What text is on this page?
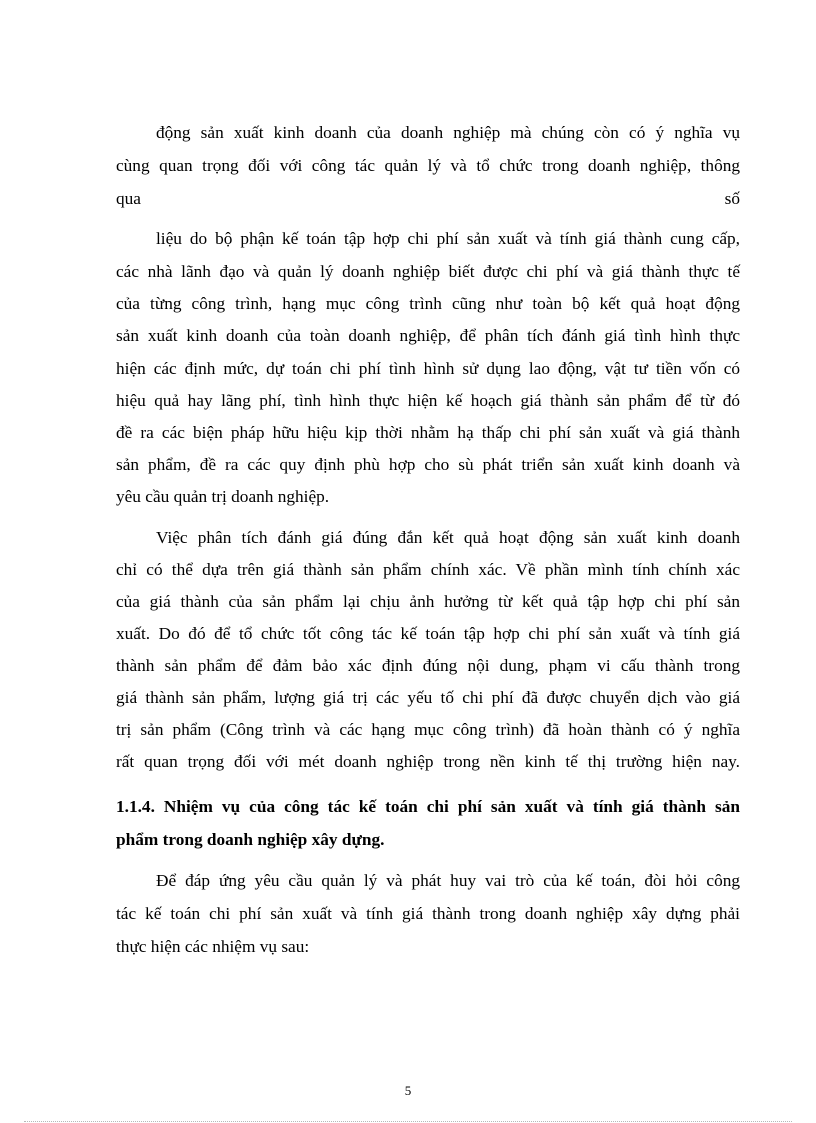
động sản xuất kinh doanh của doanh nghiệp mà chúng còn có ý nghĩa vụ
cùng quan trọng đối với công tác quản lý và tổ chức trong doanh nghiệp, thông
qua số
liệu do bộ phận kế toán tập hợp chi phí sản xuất và tính giá thành cung cấp,
các nhà lãnh đạo và quản lý doanh nghiệp biết được chi phí và giá thành thực tế
của từng công trình, hạng mục công trình cũng như toàn bộ kết quả hoạt động
sản xuất kinh doanh của toàn doanh nghiệp, để phân tích đánh giá tình hình thực
hiện các định mức, dự toán chi phí tình hình sử dụng lao động, vật tư tiền vốn có
hiệu quả hay lãng phí, tình hình thực hiện kế hoạch giá thành sản phẩm để từ đó
đề ra các biện pháp hữu hiệu kịp thời nhằm hạ thấp chi phí sản xuất và giá thành
sản phẩm, đề ra các quy định phù hợp cho sù phát triển sản xuất kinh doanh và
yêu cầu quản trị doanh nghiệp.
Việc phân tích đánh giá đúng đắn kết quả hoạt động sản xuất kinh doanh
chỉ có thể dựa trên giá thành sản phẩm chính xác. Về phần mình tính chính xác
của giá thành của sản phẩm lại chịu ảnh hưởng từ kết quả tập hợp chi phí sản
xuất. Do đó để tổ chức tốt công tác kế toán tập hợp chi phí sản xuất và tính giá
thành sản phẩm để đảm bảo xác định đúng nội dung, phạm vi cấu thành trong
giá thành sản phẩm, lượng giá trị các yếu tố chi phí đã được chuyển dịch vào giá
trị sản phẩm (Công trình và các hạng mục công trình) đã hoàn thành có ý nghĩa
rất quan trọng đối với mét doanh nghiệp trong nền kinh tế thị trường hiện nay.
1.1.4. Nhiệm vụ của công tác kế toán chi phí sản xuất và tính giá thành sản
phẩm trong doanh nghiệp xây dựng.
Để đáp ứng yêu cầu quản lý và phát huy vai trò của kế toán, đòi hỏi công
tác kế toán chi phí sản xuất và tính giá thành trong doanh nghiệp xây dựng phải
thực hiện các nhiệm vụ sau:
5
